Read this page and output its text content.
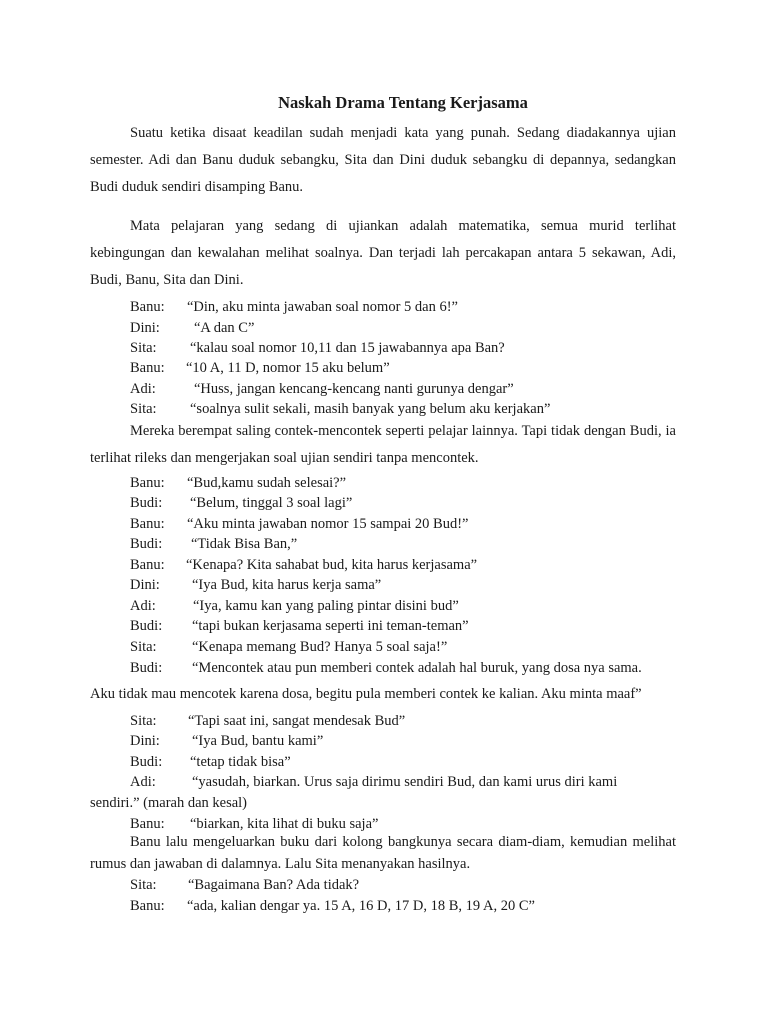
Naskah Drama Tentang Kerjasama
Suatu ketika disaat keadilan sudah menjadi kata yang punah. Sedang diadakannya ujian semester. Adi dan Banu duduk sebangku, Sita dan Dini duduk sebangku di depannya, sedangkan Budi duduk sendiri disamping Banu.
Mata pelajaran yang sedang di ujiankan adalah matematika, semua murid terlihat kebingungan dan kewalahan melihat soalnya. Dan terjadi lah percakapan antara 5 sekawan, Adi, Budi, Banu, Sita dan Dini.
Banu: “Din, aku minta jawaban soal nomor 5 dan 6!”
Dini: “A dan C”
Sita: “kalau soal nomor 10,11 dan 15 jawabannya apa Ban?
Banu: “10 A, 11 D, nomor 15 aku belum”
Adi:	“Huss, jangan kencang-kencang nanti gurunya dengar”
Sita: “soalnya sulit sekali, masih banyak yang belum aku kerjakan”
Mereka berempat saling contek-mencontek seperti pelajar lainnya. Tapi tidak dengan Budi, ia terlihat rileks dan mengerjakan soal ujian sendiri tanpa mencontek.
Banu: “Bud,kamu sudah selesai?”
Budi: “Belum, tinggal 3 soal lagi”
Banu: “Aku minta jawaban nomor 15 sampai 20 Bud!”
Budi: “Tidak Bisa Ban,”
Banu: “Kenapa? Kita sahabat bud, kita harus kerjasama”
Dini: “Iya Bud, kita harus kerja sama”
Adi:	“Iya, kamu kan yang paling pintar disini bud”
Budi: “tapi bukan kerjasama seperti ini teman-teman”
Sita: “Kenapa memang Bud? Hanya 5 soal saja!”
Budi: “Mencontek atau pun memberi contek adalah hal buruk, yang dosa nya sama.
Aku tidak mau mencotek karena dosa, begitu pula memberi contek ke kalian. Aku minta maaf”
Sita: “Tapi saat ini, sangat mendesak Bud”
Dini: “Iya Bud, bantu kami”
Budi: “tetap tidak bisa”
Adi: “yasudah, biarkan. Urus saja dirimu sendiri Bud, dan kami urus diri kami
sendiri.” (marah dan kesal)
Banu: “biarkan, kita lihat di buku saja”
Banu lalu mengeluarkan buku dari kolong bangkunya secara diam-diam, kemudian melihat rumus dan jawaban di dalamnya. Lalu Sita menanyakan hasilnya.
Sita: “Bagaimana Ban? Ada tidak?
Banu: “ada, kalian dengar ya. 15 A, 16 D, 17 D, 18 B, 19 A, 20 C”
